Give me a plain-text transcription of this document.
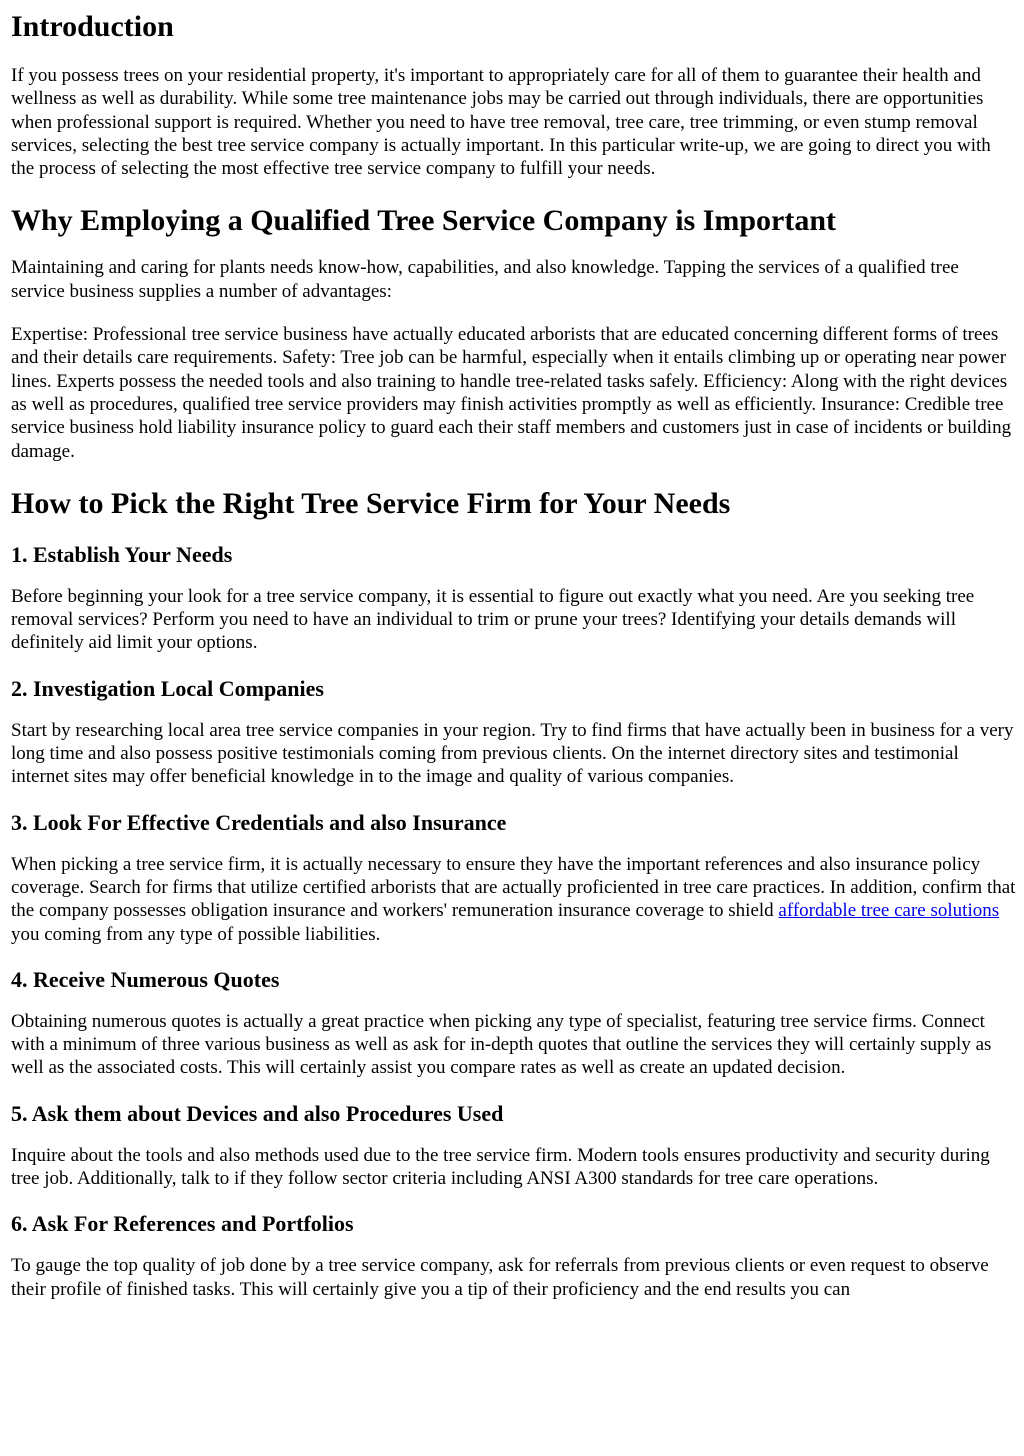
Introduction

If you possess trees on your residential property, it's important to appropriately care for all of them to guarantee their health and wellness as well as durability. While some tree maintenance jobs may be carried out through individuals, there are opportunities when professional support is required. Whether you need to have tree removal, tree care, tree trimming, or even stump removal services, selecting the best tree service company is actually important. In this particular write-up, we are going to direct you with the process of selecting the most effective tree service company to fulfill your needs.

Why Employing a Qualified Tree Service Company is Important

Maintaining and caring for plants needs know-how, capabilities, and also knowledge. Tapping the services of a qualified tree service business supplies a number of advantages:

Expertise: Professional tree service business have actually educated arborists that are educated concerning different forms of trees and their details care requirements. Safety: Tree job can be harmful, especially when it entails climbing up or operating near power lines. Experts possess the needed tools and also training to handle tree-related tasks safely. Efficiency: Along with the right devices as well as procedures, qualified tree service providers may finish activities promptly as well as efficiently. Insurance: Credible tree service business hold liability insurance policy to guard each their staff members and customers just in case of incidents or building damage.

How to Pick the Right Tree Service Firm for Your Needs
1. Establish Your Needs

Before beginning your look for a tree service company, it is essential to figure out exactly what you need. Are you seeking tree removal services? Perform you need to have an individual to trim or prune your trees? Identifying your details demands will definitely aid limit your options.

2. Investigation Local Companies

Start by researching local area tree service companies in your region. Try to find firms that have actually been in business for a very long time and also possess positive testimonials coming from previous clients. On the internet directory sites and testimonial internet sites may offer beneficial knowledge in to the image and quality of various companies.

3. Look For Effective Credentials and also Insurance

When picking a tree service firm, it is actually necessary to ensure they have the important references and also insurance policy coverage. Search for firms that utilize certified arborists that are actually proficiented in tree care practices. In addition, confirm that the company possesses obligation insurance and workers' remuneration insurance coverage to shield affordable tree care solutions you coming from any type of possible liabilities.

4. Receive Numerous Quotes

Obtaining numerous quotes is actually a great practice when picking any type of specialist, featuring tree service firms. Connect with a minimum of three various business as well as ask for in-depth quotes that outline the services they will certainly supply as well as the associated costs. This will certainly assist you compare rates as well as create an updated decision.

5. Ask them about Devices and also Procedures Used

Inquire about the tools and also methods used due to the tree service firm. Modern tools ensures productivity and security during tree job. Additionally, talk to if they follow sector criteria including ANSI A300 standards for tree care operations.

6. Ask For References and Portfolios

To gauge the top quality of job done by a tree service company, ask for referrals from previous clients or even request to observe their profile of finished tasks. This will certainly give you a tip of their proficiency and the end results you can
